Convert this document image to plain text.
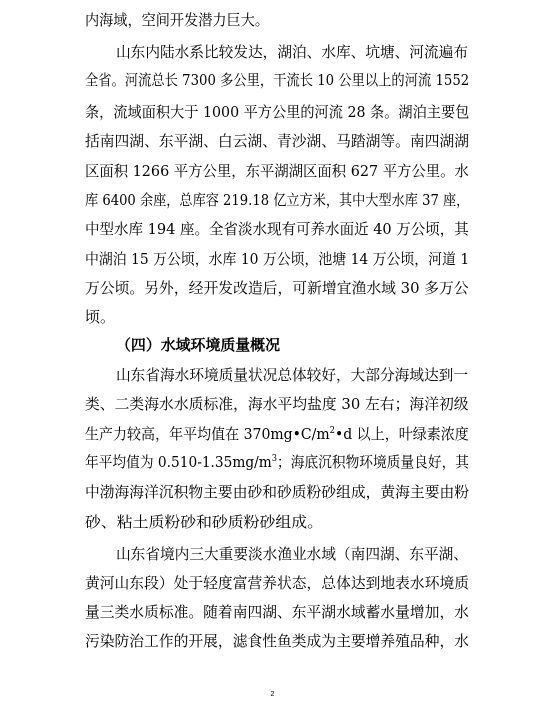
内海域，空间开发潜力巨大。

山东内陆水系比较发达，湖泊、水库、坑塘、河流遍布

全省。河流总长 7300 多公里，干流长 10 公里以上的河流 1552

条，流域面积大于 1000 平方公里的河流 28 条。湖泊主要包

括南四湖、东平湖、白云湖、青沙湖、马踏湖等。南四湖湖

区面积 1266 平方公里，东平湖湖区面积 627 平方公里。水

库 6400 余座，总库容 219.18 亿立方米，其中大型水库 37 座，

中型水库 194 座。全省淡水现有可养水面近 40 万公顷，其

中湖泊 15 万公顷，水库 10 万公顷，池塘 14 万公顷，河道 1

万公顷。另外，经开发改造后，可新增宜渔水域 30 多万公

顷。

（四）水域环境质量概况

山东省海水环境质量状况总体较好，大部分海域达到一

类、二类海水水质标准，海水平均盐度 30 左右；海洋初级

生产力较高，年平均值在 $370mg•C/m^2•d$ 以上，叶绿素浓度

年平均值为 $0.510-1.35mg/m^3$；海底沉积物环境质量良好，其

中渤海海洋沉积物主要由砂和砂质粉砂组成，黄海主要由粉

砂、粘土质粉砂和砂质粉砂组成。

山东省境内三大重要淡水渔业水域（南四湖、东平湖、

黄河山东段）处于轻度富营养状态，总体达到地表水环境质

量三类水质标准。随着南四湖、东平湖水域蓄水量增加，水

污染防治工作的开展，滤食性鱼类成为主要增养殖品种，水

2
